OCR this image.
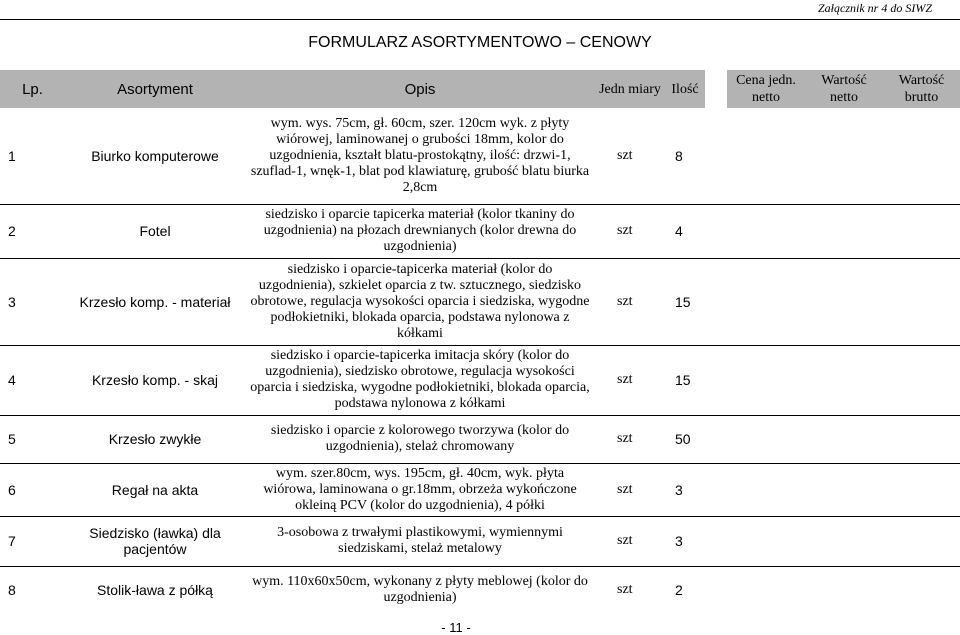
Załącznik nr 4 do SIWZ
FORMULARZ ASORTYMENTOWO – CENOWY
Lp.	Asortyment	Opis	Jedn miary	Ilość		Cena jedn. netto	Wartość netto	Wartość brutto
1	Biurko komputerowe	wym. wys. 75cm, gł. 60cm, szer. 120cm wyk. z płyty wiórowej, laminowanej o grubości 18mm, kolor do uzgodnienia, kształt blatu-prostokątny, ilość: drzwi-1, szuflad-1, wnęk-1, blat pod klawiaturę, grubość blatu biurka 2,8cm	szt	8				
2	Fotel	siedzisko i oparcie tapicerka materiał (kolor tkaniny do uzgodnienia) na płozach drewnianych (kolor drewna do uzgodnienia)	szt	4				
3	Krzesło komp. - materiał	siedzisko i oparcie-tapicerka materiał (kolor do uzgodnienia), szkielet oparcia z tw. sztucznego, siedzisko obrotowe, regulacja wysokości oparcia i siedziska, wygodne podłokietniki, blokada oparcia, podstawa nylonowa z kółkami	szt	15				
4	Krzesło komp. - skaj	siedzisko i oparcie-tapicerka imitacja skóry (kolor do uzgodnienia), siedzisko obrotowe, regulacja wysokości oparcia i siedziska, wygodne podłokietniki, blokada oparcia, podstawa nylonowa z kółkami	szt	15				
5	Krzesło zwykłe	siedzisko i oparcie z kolorowego tworzywa (kolor do uzgodnienia), stelaż chromowany	szt	50				
6	Regał na akta	wym. szer.80cm, wys. 195cm, gł. 40cm, wyk. płyta wiórowa, laminowana o gr.18mm, obrzeża wykończone okleiną PCV (kolor do uzgodnienia), 4 półki	szt	3				
7	Siedzisko (ławka) dla pacjentów	3-osobowa z trwałymi plastikowymi, wymiennymi siedziskami, stelaż metalowy	szt	3				
8	Stolik-ława z półką	wym. 110x60x50cm, wykonany z płyty meblowej (kolor do uzgodnienia)	szt	2				
- 11 -
